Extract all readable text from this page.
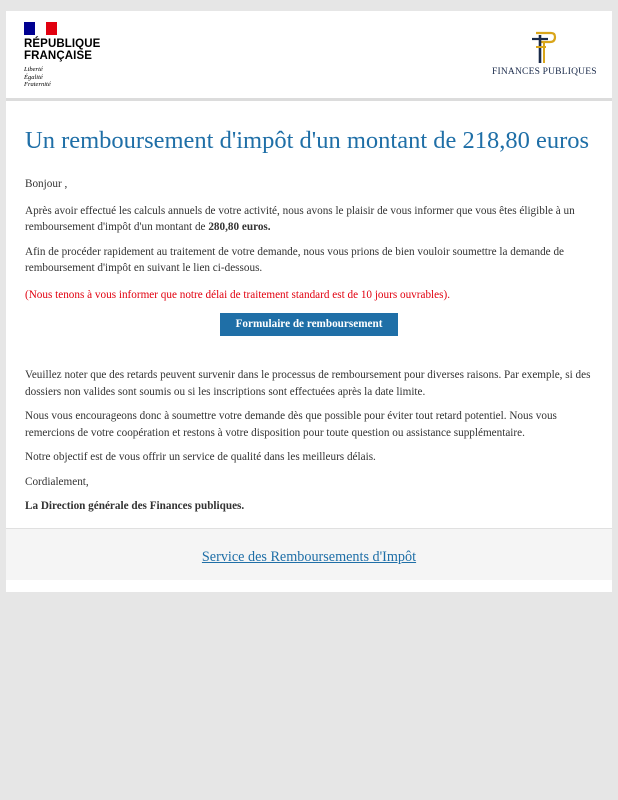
RÉPUBLIQUE
FRANÇAISE
Liberté
Égalité
Fraternité
FINANCES PUBLIQUES
Un remboursement d'impôt d'un montant de 218,80 euros

Bonjour ,

Après avoir effectué les calculs annuels de votre activité, nous avons le plaisir de vous informer que vous êtes éligible à un remboursement d'impôt d'un montant de 280,80 euros.

Afin de procéder rapidement au traitement de votre demande, nous vous prions de bien vouloir soumettre la demande de remboursement d'impôt en suivant le lien ci-dessous.

(Nous tenons à vous informer que notre délai de traitement standard est de 10 jours ouvrables).

Formulaire de remboursement

Veuillez noter que des retards peuvent survenir dans le processus de remboursement pour diverses raisons. Par exemple, si des dossiers non valides sont soumis ou si les inscriptions sont effectuées après la date limite.

Nous vous encourageons donc à soumettre votre demande dès que possible pour éviter tout retard potentiel. Nous vous remercions de votre coopération et restons à votre disposition pour toute question ou assistance supplémentaire.

Notre objectif est de vous offrir un service de qualité dans les meilleurs délais.

Cordialement,

La Direction générale des Finances publiques.

Service des Remboursements d'Impôt
